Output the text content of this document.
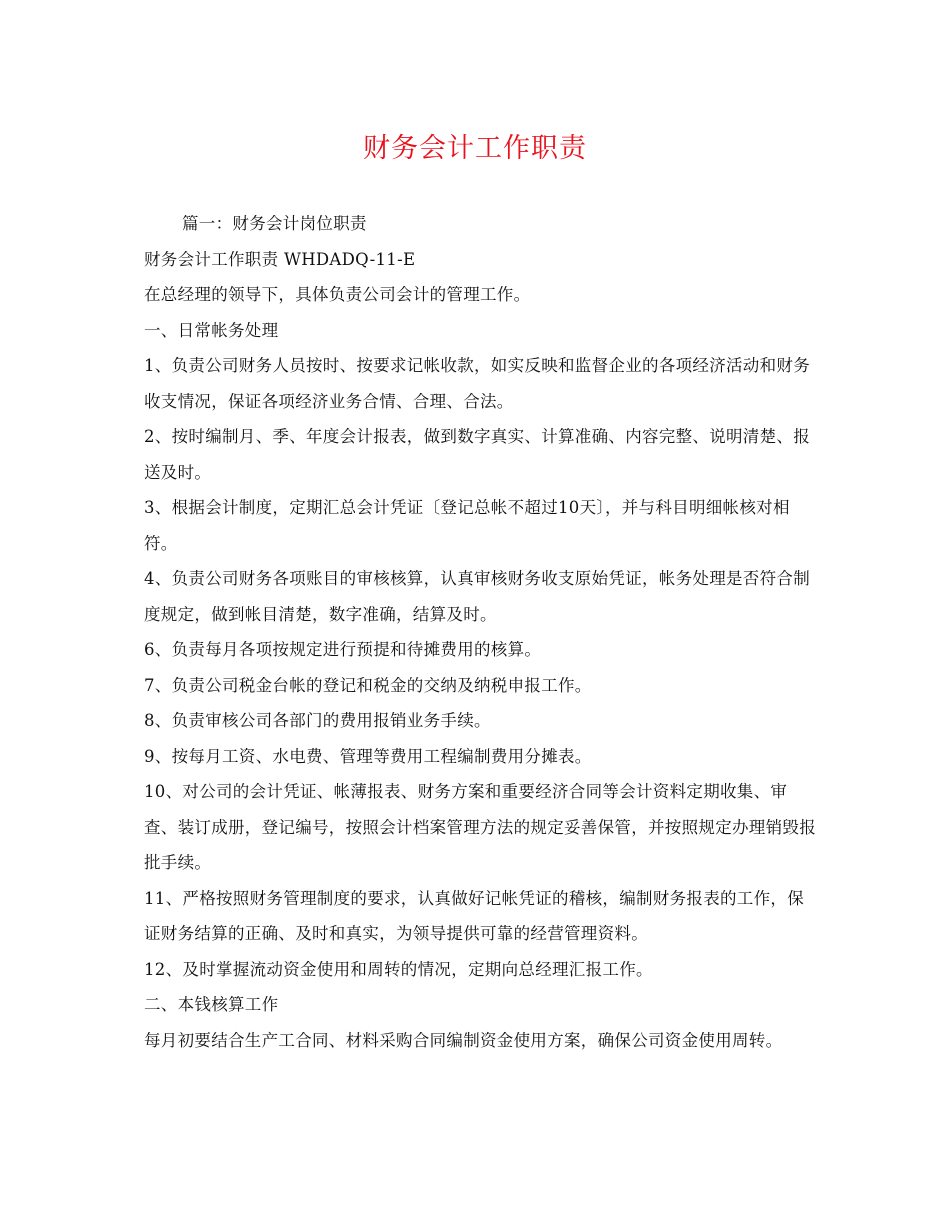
财务会计工作职责

篇一：财务会计岗位职责

财务会计工作职责 WHDADQ-11-E

在总经理的领导下，具体负责公司会计的管理工作。

一、日常帐务处理

1、负责公司财务人员按时、按要求记帐收款，如实反映和监督企业的各项经济活动和财务收支情况，保证各项经济业务合情、合理、合法。

2、按时编制月、季、年度会计报表，做到数字真实、计算准确、内容完整、说明清楚、报送及时。

3、根据会计制度，定期汇总会计凭证〔登记总帐不超过10天〕，并与科目明细帐核对相符。

4、负责公司财务各项账目的审核核算，认真审核财务收支原始凭证，帐务处理是否符合制度规定，做到帐目清楚，数字准确，结算及时。

6、负责每月各项按规定进行预提和待摊费用的核算。

7、负责公司税金台帐的登记和税金的交纳及纳税申报工作。

8、负责审核公司各部门的费用报销业务手续。

9、按每月工资、水电费、管理等费用工程编制费用分摊表。

10、对公司的会计凭证、帐薄报表、财务方案和重要经济合同等会计资料定期收集、审查、装订成册，登记编号，按照会计档案管理方法的规定妥善保管，并按照规定办理销毁报批手续。

11、严格按照财务管理制度的要求，认真做好记帐凭证的稽核，编制财务报表的工作，保证财务结算的正确、及时和真实，为领导提供可靠的经营管理资料。

12、及时掌握流动资金使用和周转的情况，定期向总经理汇报工作。

二、本钱核算工作

每月初要结合生产工合同、材料采购合同编制资金使用方案，确保公司资金使用周转。
